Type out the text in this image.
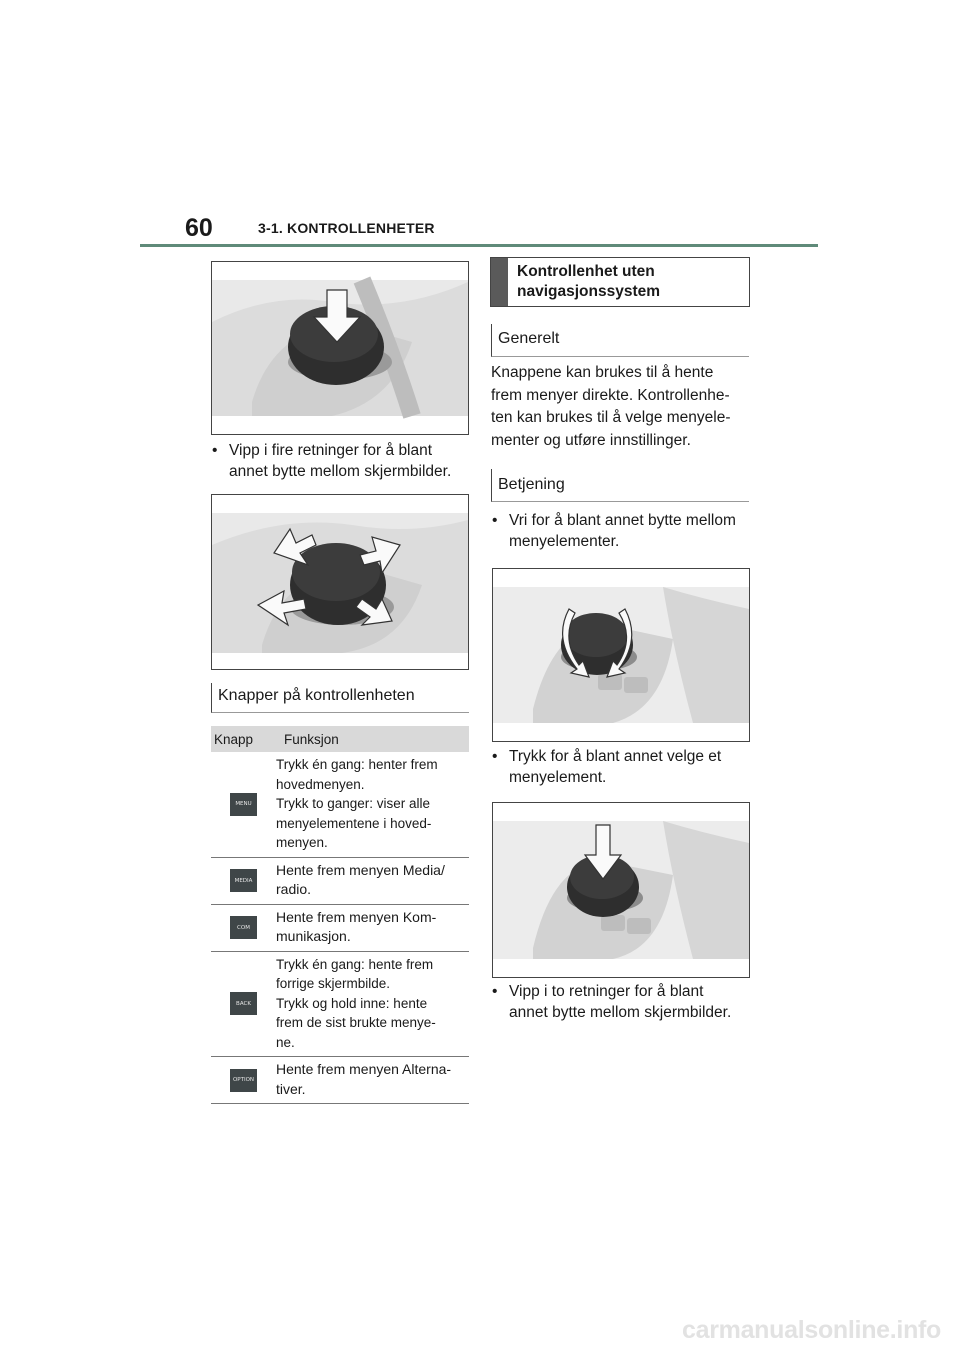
60	3-1. KONTROLLENHETER
• Vipp i fire retninger for å blant
annet bytte mellom skjermbilder.
Knapper på kontrollenheten
Knapp	Funksjon

MENU	Trykk én gang: henter frem
hovedmenyen.
Trykk to ganger: viser alle
menyelementene i hoved-
menyen.

MEDIA	Hente frem menyen Media/
radio.

COM	Hente frem menyen Kom-
munikasjon.

BACK	Trykk én gang: hente frem
forrige skjermbilde.
Trykk og hold inne: hente
frem de sist brukte menye-
ne.

OPTION	Hente frem menyen Alterna-
tiver.
Kontrollenhet uten
navigasjonssystem
Generelt
Knappene kan brukes til å hente
frem menyer direkte. Kontrollenhe-
ten kan brukes til å velge menyele-
menter og utføre innstillinger.
Betjening
• Vri for å blant annet bytte mellom
menyelementer.
• Trykk for å blant annet velge et
menyelement.
• Vipp i to retninger for å blant
annet bytte mellom skjermbilder.
carmanualsonline.info
